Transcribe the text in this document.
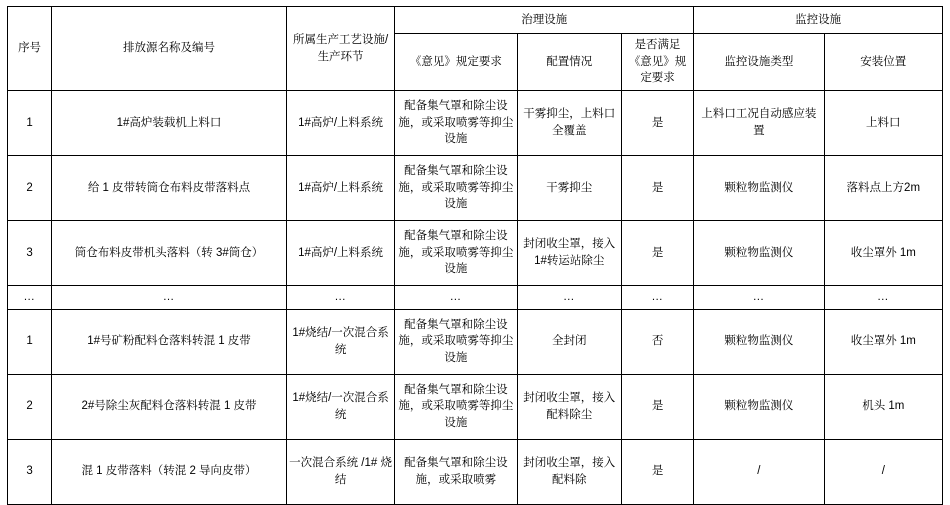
序号	排放源名称及编号	所属生产工艺设施/生产环节	治理设施			监控设施	
			《意见》规定要求	配置情况	是否满足《意见》规定要求	监控设施类型	安装位置
1	1#高炉装载机上料口	1#高炉/上料系统	配备集气罩和除尘设施，或采取喷雾等抑尘设施	干雾抑尘，上料口全覆盖	是	上料口工况自动感应装置	上料口
2	给 1 皮带转筒仓布料皮带落料点	1#高炉/上料系统	配备集气罩和除尘设施，或采取喷雾等抑尘设施	干雾抑尘	是	颗粒物监测仪	落料点上方2m
3	筒仓布料皮带机头落料（转 3#筒仓）	1#高炉/上料系统	配备集气罩和除尘设施，或采取喷雾等抑尘设施	封闭收尘罩，接入 1#转运站除尘	是	颗粒物监测仪	收尘罩外 1m
…	…	…	…	…	…	…	…
1	1#号矿粉配料仓落料转混 1 皮带	1#烧结/一次混合系统	配备集气罩和除尘设施，或采取喷雾等抑尘设施	全封闭	否	颗粒物监测仪	收尘罩外 1m
2	2#号除尘灰配料仓落料转混 1 皮带	1#烧结/一次混合系统	配备集气罩和除尘设施，或采取喷雾等抑尘设施	封闭收尘罩，接入配料除尘	是	颗粒物监测仪	机头 1m
3	混 1 皮带落料（转混 2 导向皮带）	一次混合系统 /1# 烧结	配备集气罩和除尘设施，或采取喷雾	封闭收尘罩，接入配料除	是	/	/
